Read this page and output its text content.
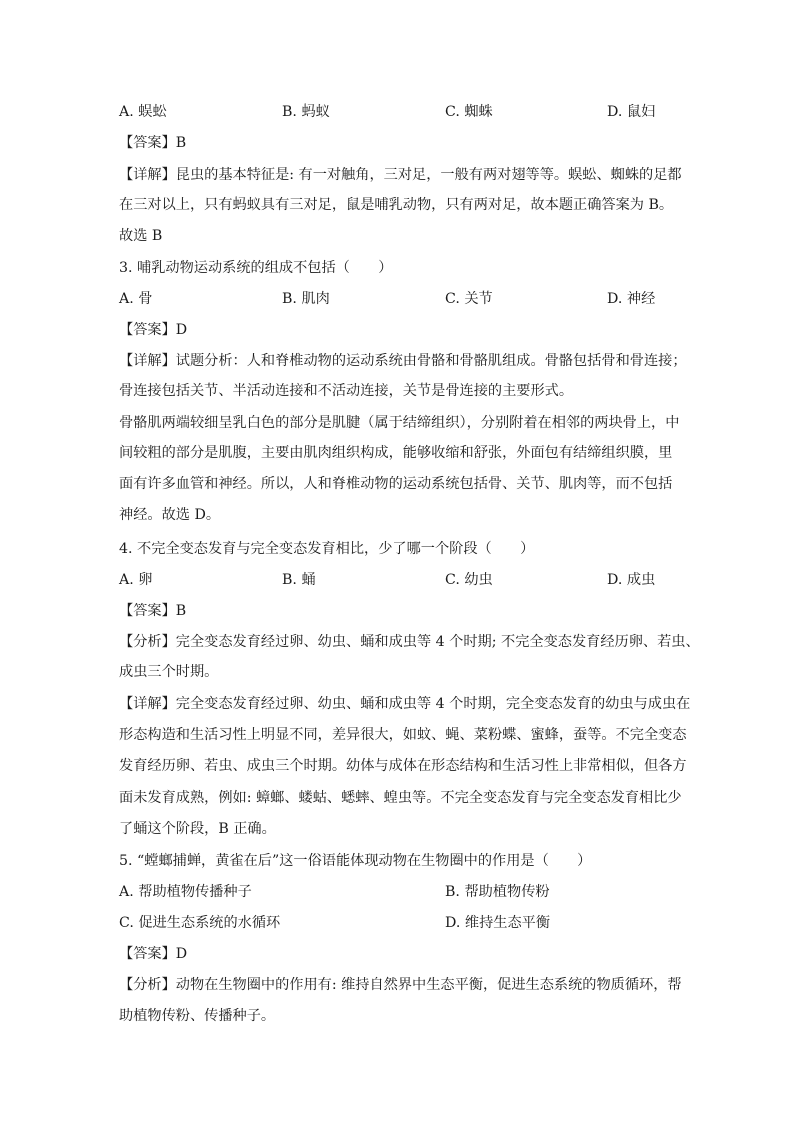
A. 蜈蚣	B. 蚂蚁	C. 蜘蛛	D. 鼠妇
【答案】B
【详解】昆虫的基本特征是: 有一对触角，三对足，一般有两对翅等等。蜈蚣、蜘蛛的足都
在三对以上，只有蚂蚁具有三对足，鼠是哺乳动物，只有两对足，故本题正确答案为 B。
故选 B
3. 哺乳动物运动系统的组成不包括（　　）
A. 骨	B. 肌肉	C. 关节	D. 神经
【答案】D
【详解】试题分析：人和脊椎动物的运动系统由骨骼和骨骼肌组成。骨骼包括骨和骨连接；
骨连接包括关节、半活动连接和不活动连接，关节是骨连接的主要形式。
骨骼肌两端较细呈乳白色的部分是肌腱（属于结缔组织），分别附着在相邻的两块骨上，中
间较粗的部分是肌腹，主要由肌肉组织构成，能够收缩和舒张，外面包有结缔组织膜，里
面有许多血管和神经。所以，人和脊椎动物的运动系统包括骨、关节、肌肉等，而不包括
神经。故选 D。
4. 不完全变态发育与完全变态发育相比，少了哪一个阶段（　　）
A. 卵	B. 蛹	C. 幼虫	D. 成虫
【答案】B
【分析】完全变态发育经过卵、幼虫、蛹和成虫等 4 个时期; 不完全变态发育经历卵、若虫、
成虫三个时期。
【详解】完全变态发育经过卵、幼虫、蛹和成虫等 4 个时期，完全变态发育的幼虫与成虫在
形态构造和生活习性上明显不同，差异很大，如蚊、蝇、菜粉蝶、蜜蜂，蚕等。不完全变态
发育经历卵、若虫、成虫三个时期。幼体与成体在形态结构和生活习性上非常相似，但各方
面未发育成熟，例如: 蟑螂、蝼蛄、蟋蟀、蝗虫等。不完全变态发育与完全变态发育相比少
了蛹这个阶段，B 正确。
5. “螳螂捕蝉，黄雀在后”这一俗语能体现动物在生物圈中的作用是（　　）
A. 帮助植物传播种子	B. 帮助植物传粉
C. 促进生态系统的水循环	D. 维持生态平衡
【答案】D
【分析】动物在生物圈中的作用有: 维持自然界中生态平衡，促进生态系统的物质循环，帮
助植物传粉、传播种子。
